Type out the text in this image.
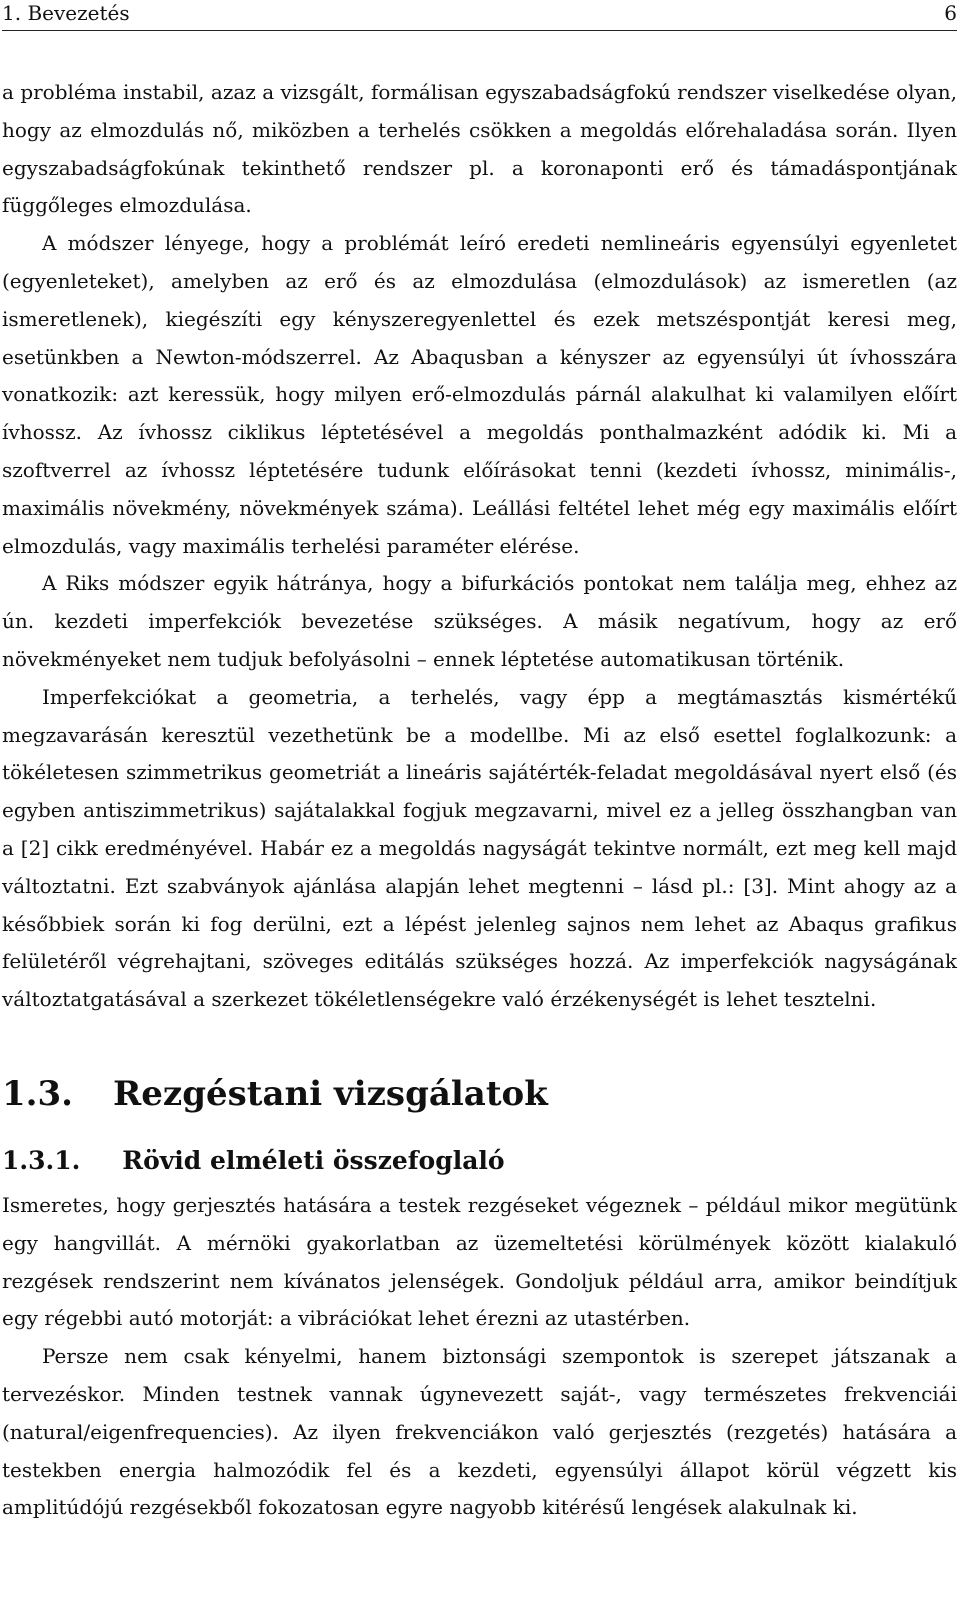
1. Bevezetés	6

a probléma instabil, azaz a vizsgált, formálisan egyszabadságfokú rendszer viselkedése olyan, hogy az elmozdulás nő, miközben a terhelés csökken a megoldás előrehaladása során. Ilyen egyszabadságfokúnak tekinthető rendszer pl. a koronaponti erő és támadáspontjának függőleges elmozdulása.

A módszer lényege, hogy a problémát leíró eredeti nemlineáris egyensúlyi egyenletet (egyenleteket), amelyben az erő és az elmozdulása (elmozdulások) az ismeretlen (az ismeretlenek), kiegészíti egy kényszeregyenlettel és ezek metszéspontját keresi meg, esetünkben a Newton-módszerrel. Az Abaqusban a kényszer az egyensúlyi út ívhosszára vonatkozik: azt keressük, hogy milyen erő-elmozdulás párnál alakulhat ki valamilyen előírt ívhossz. Az ívhossz ciklikus léptetésével a megoldás ponthalmazként adódik ki. Mi a szoftverrel az ívhossz léptetésére tudunk előírásokat tenni (kezdeti ívhossz, minimális-, maximális növekmény, növekmények száma). Leállási feltétel lehet még egy maximális előírt elmozdulás, vagy maximális terhelési paraméter elérése.

A Riks módszer egyik hátránya, hogy a bifurkációs pontokat nem találja meg, ehhez az ún. kezdeti imperfekciók bevezetése szükséges. A másik negatívum, hogy az erő növekményeket nem tudjuk befolyásolni – ennek léptetése automatikusan történik.

Imperfekciókat a geometria, a terhelés, vagy épp a megtámasztás kismértékű megzavarásán keresztül vezethetünk be a modellbe. Mi az első esettel foglalkozunk: a tökéletesen szimmetrikus geometriát a lineáris sajátérték-feladat megoldásával nyert első (és egyben antiszimmetrikus) sajátalakkal fogjuk megzavarni, mivel ez a jelleg összhangban van a [2] cikk eredményével. Habár ez a megoldás nagyságát tekintve normált, ezt meg kell majd változtatni. Ezt szabványok ajánlása alapján lehet megtenni – lásd pl.: [3]. Mint ahogy az a későbbiek során ki fog derülni, ezt a lépést jelenleg sajnos nem lehet az Abaqus grafikus felületéről végrehajtani, szöveges editálás szükséges hozzá. Az imperfekciók nagyságának változtatgatásával a szerkezet tökéletlenségekre való érzékenységét is lehet tesztelni.

1.3. Rezgéstani vizsgálatok
1.3.1. Rövid elméleti összefoglaló

Ismeretes, hogy gerjesztés hatására a testek rezgéseket végeznek – például mikor megütünk egy hangvillát. A mérnöki gyakorlatban az üzemeltetési körülmények között kialakuló rezgések rendszerint nem kívánatos jelenségek. Gondoljuk például arra, amikor beindítjuk egy régebbi autó motorját: a vibrációkat lehet érezni az utastérben.

Persze nem csak kényelmi, hanem biztonsági szempontok is szerepet játszanak a tervezéskor. Minden testnek vannak úgynevezett saját-, vagy természetes frekvenciái (natural/eigenfrequencies). Az ilyen frekvenciákon való gerjesztés (rezgetés) hatására a testekben energia halmozódik fel és a kezdeti, egyensúlyi állapot körül végzett kis amplitúdójú rezgésekből fokozatosan egyre nagyobb kitérésű lengések alakulnak ki.
